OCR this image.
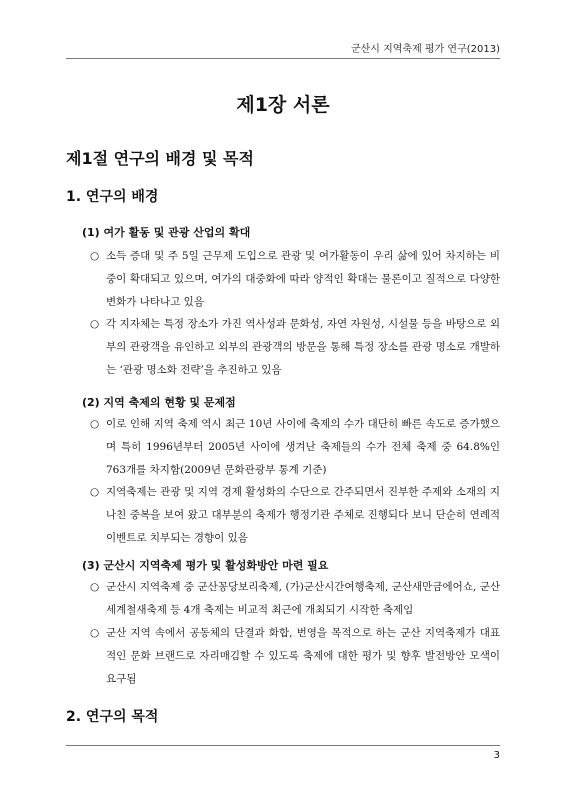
군산시 지역축제 평가 연구(2013)
제1장 서론
제1절 연구의 배경 및 목적
1. 연구의 배경
(1) 여가 활동 및 관광 산업의 확대
○ 소득 증대 및 주 5일 근무제 도입으로 관광 및 여가활동이 우리 삶에 있어 차지하는 비중이 확대되고 있으며, 여가의 대중화에 따라 양적인 확대는 물론이고 질적으로 다양한 변화가 나타나고 있음
○ 각 지자체는 특정 장소가 가진 역사성과 문화성, 자연 자원성, 시설물 등을 바탕으로 외부의 관광객을 유인하고 외부의 관광객의 방문을 통해 특정 장소를 관광 명소로 개발하는 ‘관광 명소화 전략’을 추진하고 있음
(2) 지역 축제의 현황 및 문제점
○ 이로 인해 지역 축제 역시 최근 10년 사이에 축제의 수가 대단히 빠른 속도로 증가했으며 특히 1996년부터 2005년 사이에 생겨난 축제들의 수가 전체 축제 중 64.8%인 763개를 차지함(2009년 문화관광부 통계 기준)
○ 지역축제는 관광 및 지역 경제 활성화의 수단으로 간주되면서 진부한 주제와 소재의 지나친 중복을 보여 왔고 대부분의 축제가 행정기관 주체로 진행되다 보니 단순히 연례적 이벤트로 치부되는 경향이 있음
(3) 군산시 지역축제 평가 및 활성화방안 마련 필요
○ 군산시 지역축제 중 군산꽁당보리축제, (가)군산시간여행축제, 군산새만금에어쇼, 군산세계철새축제 등 4개 축제는 비교적 최근에 개최되기 시작한 축제임
○ 군산 지역 속에서 공동체의 단결과 화합, 번영을 목적으로 하는 군산 지역축제가 대표적인 문화 브랜드로 자리매김할 수 있도록 축제에 대한 평가 및 향후 발전방안 모색이 요구됨
2. 연구의 목적
3
